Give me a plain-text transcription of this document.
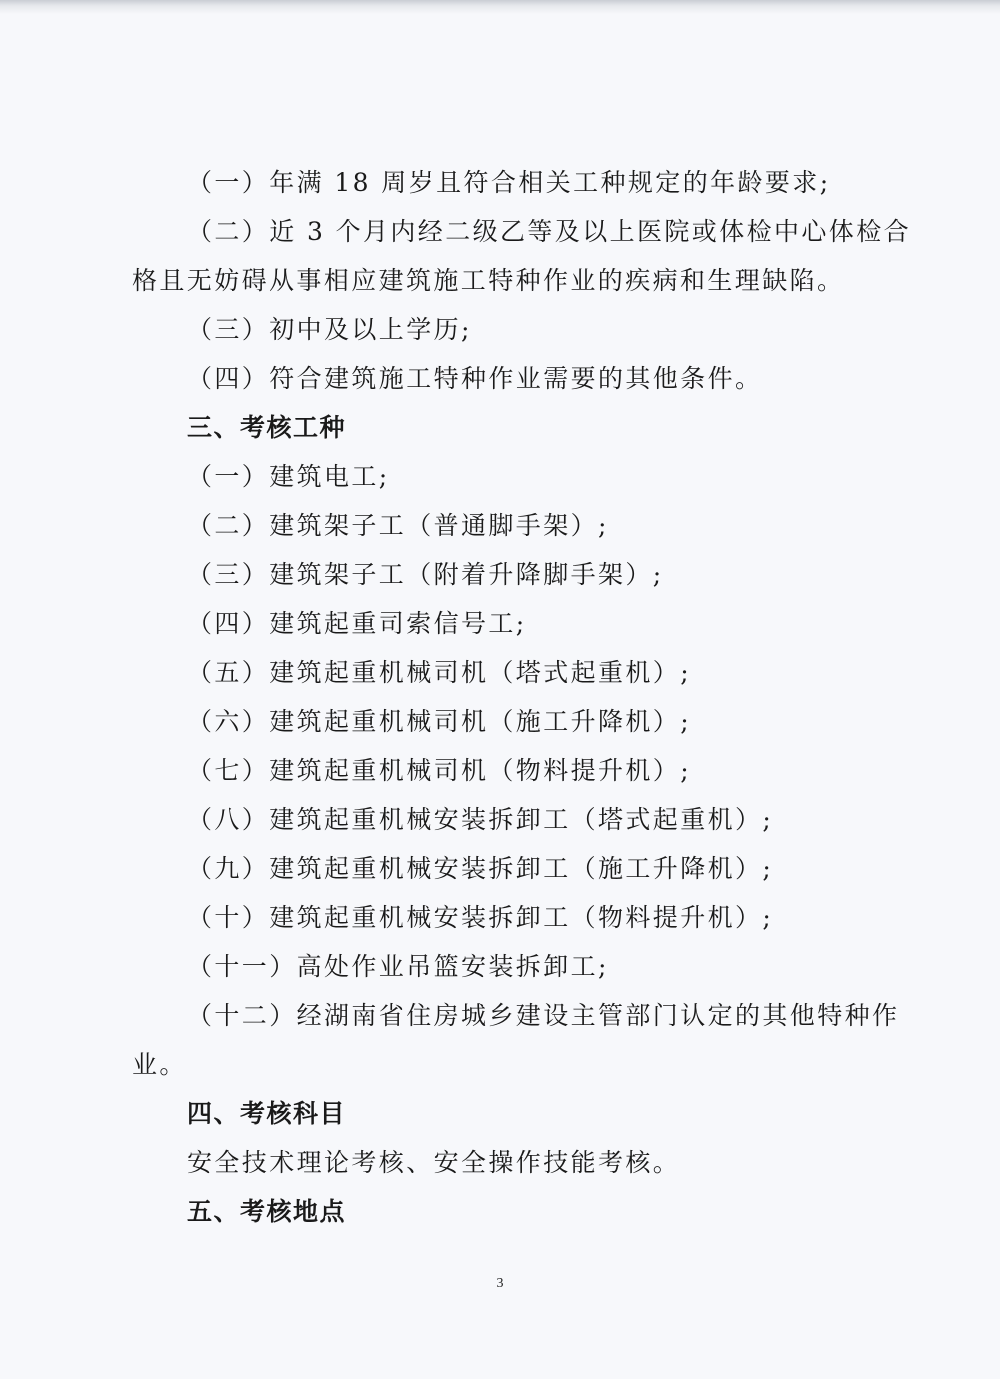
（一）年满 18 周岁且符合相关工种规定的年龄要求;
（二）近 3 个月内经二级乙等及以上医院或体检中心体检合
格且无妨碍从事相应建筑施工特种作业的疾病和生理缺陷。
（三）初中及以上学历;
（四）符合建筑施工特种作业需要的其他条件。
三、考核工种
（一）建筑电工;
（二）建筑架子工（普通脚手架）;
（三）建筑架子工（附着升降脚手架）;
（四）建筑起重司索信号工;
（五）建筑起重机械司机（塔式起重机）;
（六）建筑起重机械司机（施工升降机）;
（七）建筑起重机械司机（物料提升机）;
（八）建筑起重机械安装拆卸工（塔式起重机）;
（九）建筑起重机械安装拆卸工（施工升降机）;
（十）建筑起重机械安装拆卸工（物料提升机）;
（十一）高处作业吊篮安装拆卸工;
（十二）经湖南省住房城乡建设主管部门认定的其他特种作
业。
四、考核科目
安全技术理论考核、安全操作技能考核。
五、考核地点
3
